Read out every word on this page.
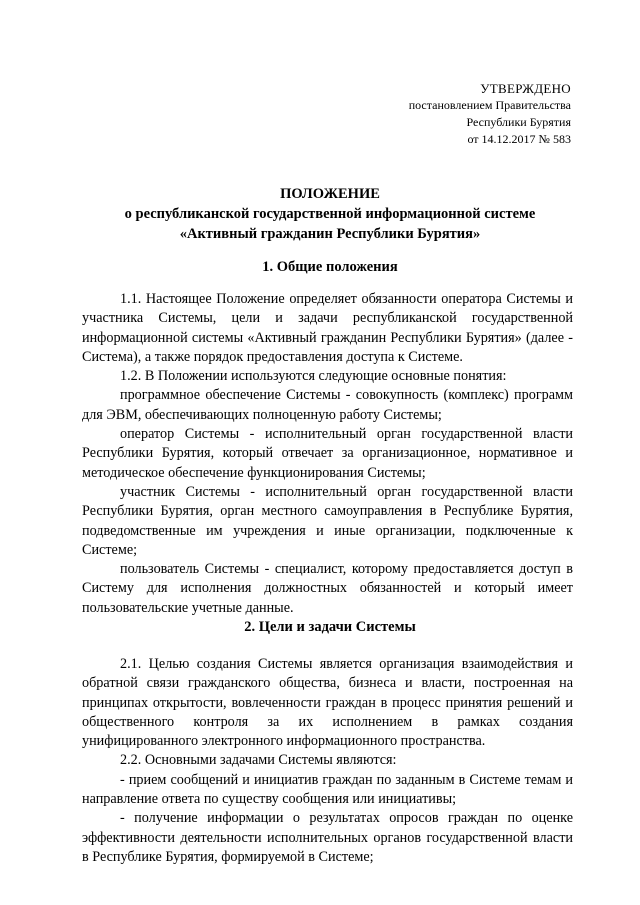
УТВЕРЖДЕНО
постановлением Правительства
Республики Бурятия
от 14.12.2017 № 583
ПОЛОЖЕНИЕ
о республиканской государственной информационной системе
«Активный гражданин Республики Бурятия»
1. Общие положения

1.1. Настоящее Положение определяет обязанности оператора Системы и участника Системы, цели и задачи республиканской государственной информационной системы «Активный гражданин Республики Бурятия» (далее - Система), а также порядок предоставления доступа к Системе.

1.2. В Положении используются следующие основные понятия:

программное обеспечение Системы - совокупность (комплекс) программ для ЭВМ, обеспечивающих полноценную работу Системы;

оператор Системы - исполнительный орган государственной власти Республики Бурятия, который отвечает за организационное, нормативное и методическое обеспечение функционирования Системы;

участник Системы - исполнительный орган государственной власти Республики Бурятия, орган местного самоуправления в Республике Бурятия, подведомственные им учреждения и иные организации, подключенные к Системе;

пользователь Системы - специалист, которому предоставляется доступ в Систему для исполнения должностных обязанностей и который имеет пользовательские учетные данные.

2. Цели и задачи Системы

2.1. Целью создания Системы является организация взаимодействия и обратной связи гражданского общества, бизнеса и власти, построенная на принципах открытости, вовлеченности граждан в процесс принятия решений и общественного контроля за их исполнением в рамках создания унифицированного электронного информационного пространства.

2.2. Основными задачами Системы являются:

- прием сообщений и инициатив граждан по заданным в Системе темам и направление ответа по существу сообщения или инициативы;

- получение информации о результатах опросов граждан по оценке эффективности деятельности исполнительных органов государственной власти в Республике Бурятия, формируемой в Системе;
